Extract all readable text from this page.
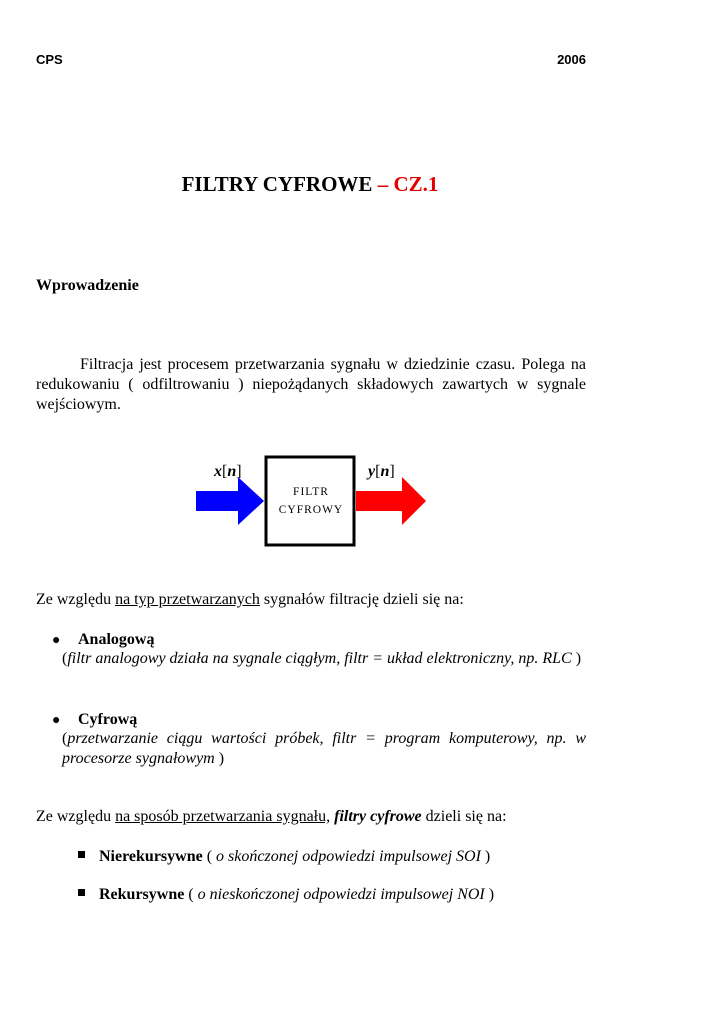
CPS	2006
FILTRY CYFROWE – CZ.1
Wprowadzenie

Filtracja jest procesem przetwarzania sygnału w dziedzinie czasu. Polega na redukowaniu ( odfiltrowaniu ) niepożądanych składowych zawartych w sygnale wejściowym.

x[n]	y[n]
FILTR
CYFROWY
Ze względu na typ przetwarzanych sygnałów filtrację dzieli się na:
●	Analogową
(filtr analogowy działa na sygnale ciągłym, filtr = układ elektroniczny, np. RLC )
●	Cyfrową
(przetwarzanie ciągu wartości próbek, filtr = program komputerowy, np. w procesorze sygnałowym )
Ze względu na sposób przetwarzania sygnału, filtry cyfrowe dzieli się na:
Nierekursywne ( o skończonej odpowiedzi impulsowej SOI )
Rekursywne ( o nieskończonej odpowiedzi impulsowej NOI )
